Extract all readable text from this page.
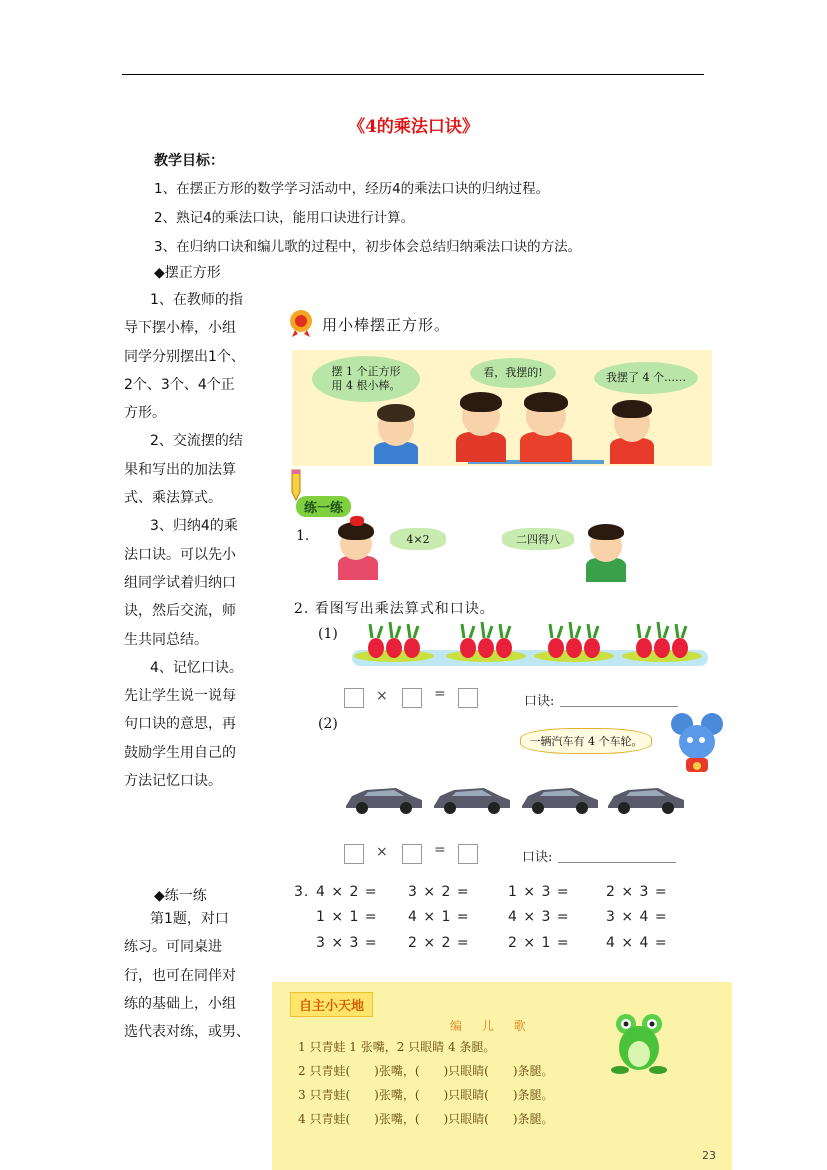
《4的乘法口诀》
教学目标：
1、在摆正方形的数学学习活动中，经历4的乘法口诀的归纳过程。
2、熟记4的乘法口诀，能用口诀进行计算。
3、在归纳口诀和编儿歌的过程中，初步体会总结归纳乘法口诀的方法。
◆摆正方形
1、在教师的指
导下摆小棒，小组
同学分别摆出1个、
2个、3个、4个正
方形。
2、交流摆的结
果和写出的加法算
式、乘法算式。
3、归纳4的乘
法口诀。可以先小
组同学试着归纳口
诀，然后交流，师
生共同总结。
4、记忆口诀。
先让学生说一说每
句口诀的意思，再
鼓励学生用自己的
方法记忆口诀。
◆练一练
第1题，对口
练习。可同桌进
行，也可在同伴对
练的基础上，小组
选代表对练，或男、
用小棒摆正方形。
摆 1 个正方形
用 4 根小棒。
看，我摆的!	我摆了 4 个……
练一练
1.	4×2	二四得八
2. 看图写出乘法算式和口诀。
(1)
×	=	口诀:
(2)
一辆汽车有 4 个车轮。
×	=	口诀:
3. 4 × 2 = 3 × 2 =	1 × 3 =	2 × 3 =
1 × 1 = 4 × 1 =	4 × 3 =	3 × 4 =
3 × 3 = 2 × 2 =	2 × 1 =	4 × 4 =
自主小天地
编 儿 歌
1 只青蛙 1 张嘴，2 只眼睛 4 条腿。
2 只青蛙(　　)张嘴，(　　)只眼睛(　　)条腿。
3 只青蛙(　　)张嘴，(　　)只眼睛(　　)条腿。
4 只青蛙(　　)张嘴，(　　)只眼睛(　　)条腿。
23
